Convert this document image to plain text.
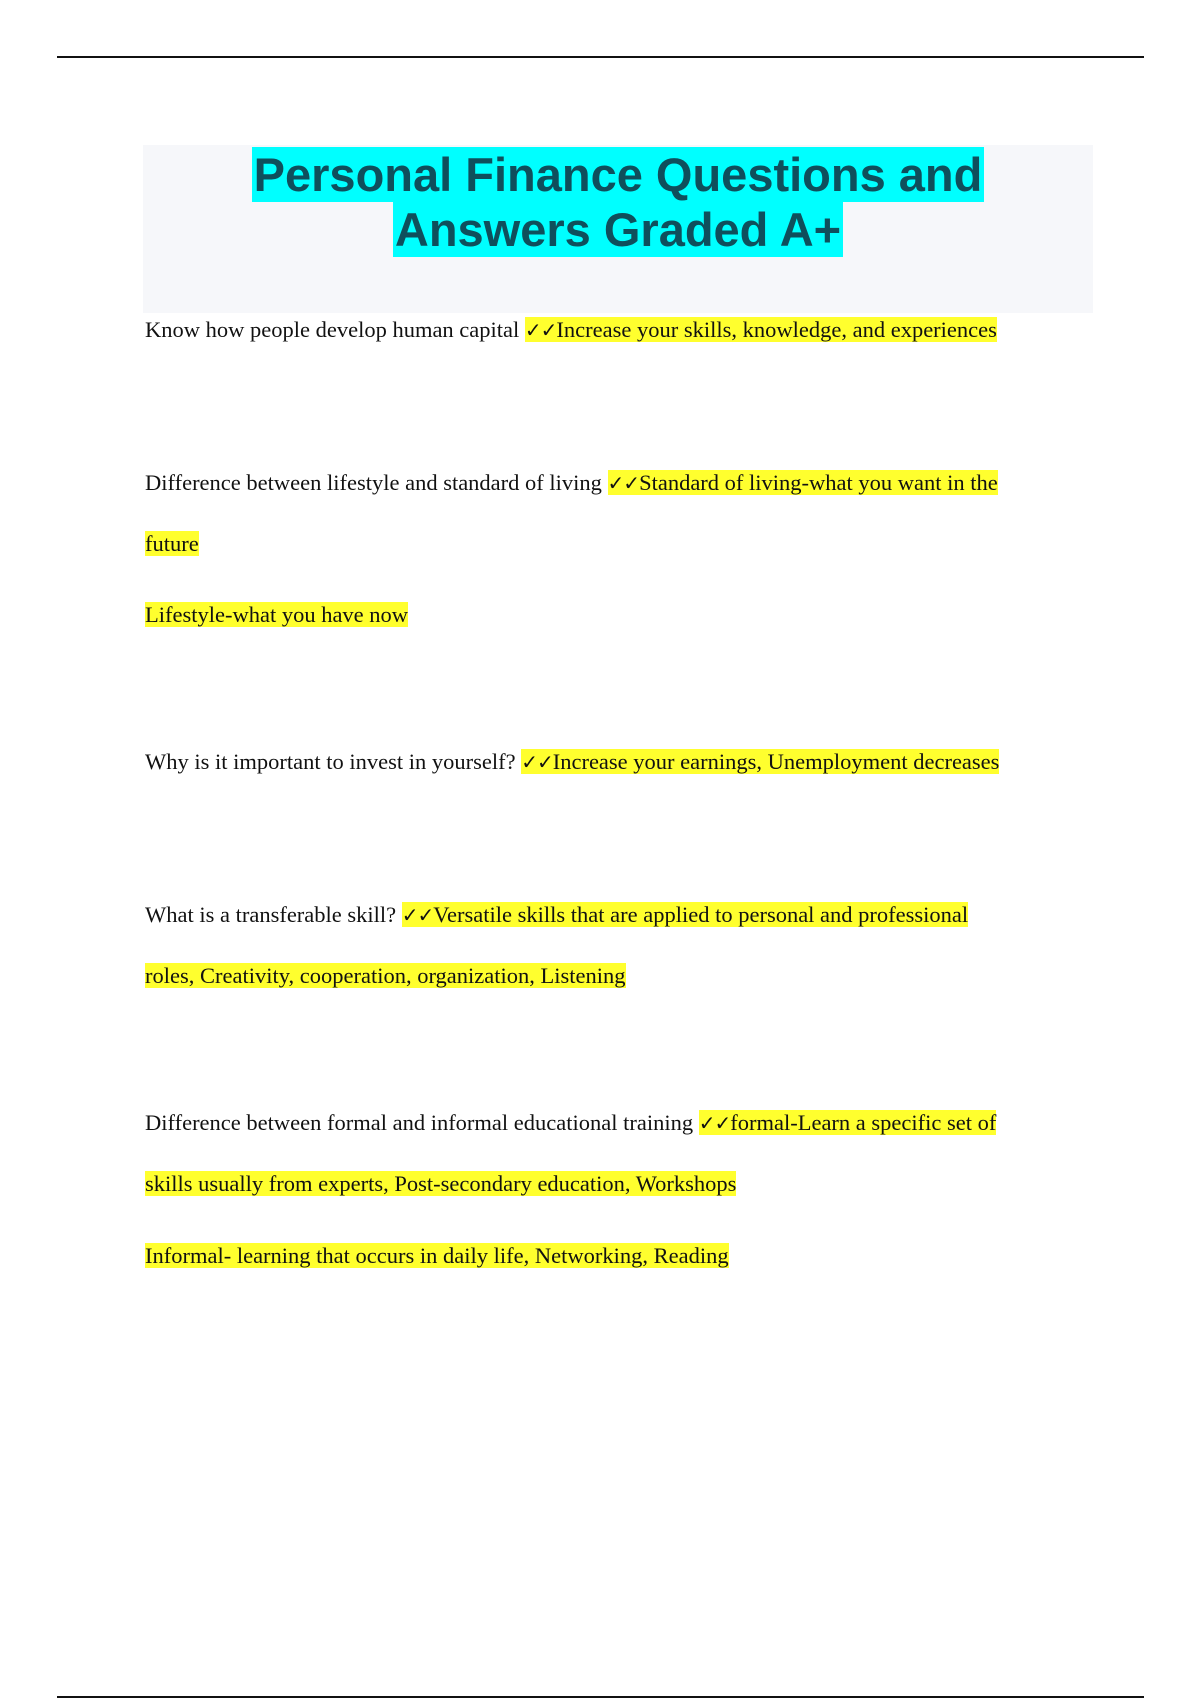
Personal Finance Questions and
Answers Graded A+
Know how people develop human capital ✓✓Increase your skills, knowledge, and experiences
Difference between lifestyle and standard of living ✓✓Standard of living-what you want in the
future
Lifestyle-what you have now
Why is it important to invest in yourself? ✓✓Increase your earnings, Unemployment decreases
What is a transferable skill? ✓✓Versatile skills that are applied to personal and professional
roles, Creativity, cooperation, organization, Listening
Difference between formal and informal educational training ✓✓formal-Learn a specific set of
skills usually from experts, Post-secondary education, Workshops
Informal- learning that occurs in daily life, Networking, Reading
